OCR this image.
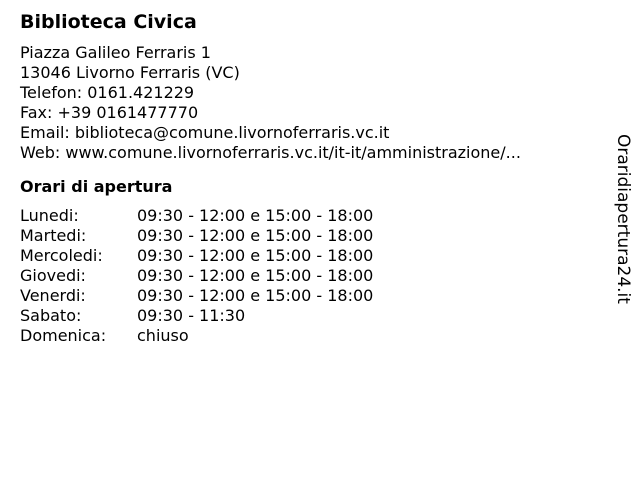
Biblioteca Civica
Piazza Galileo Ferraris 1
13046 Livorno Ferraris (VC)
Telefon: 0161.421229
Fax: +39 0161477770
Email: biblioteca@comune.livornoferraris.vc.it
Web: www.comune.livornoferraris.vc.it/it-it/amministrazione/...
Orari di apertura
Lunedi:	09:30 - 12:00 e 15:00 - 18:00
Martedi:	09:30 - 12:00 e 15:00 - 18:00
Mercoledi:	09:30 - 12:00 e 15:00 - 18:00
Giovedi:	09:30 - 12:00 e 15:00 - 18:00
Venerdi:	09:30 - 12:00 e 15:00 - 18:00
Sabato:	09:30 - 11:30
Domenica:	chiuso
Oraridiapertura24.it
